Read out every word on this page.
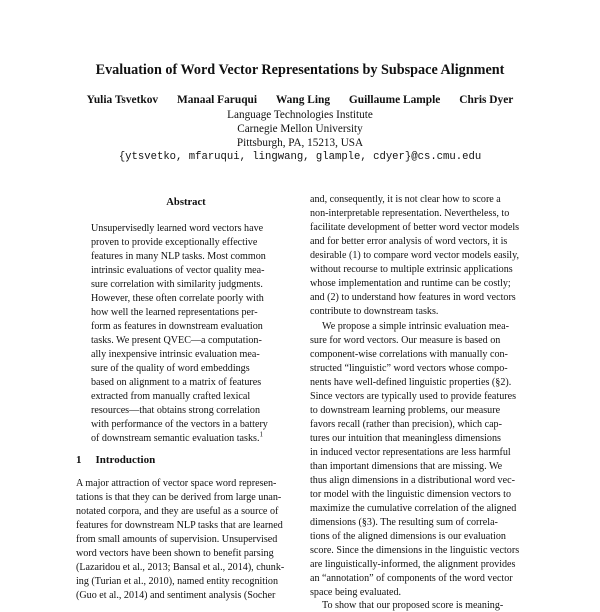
Evaluation of Word Vector Representations by Subspace Alignment
Yulia Tsvetkov Manaal Faruqui Wang Ling Guillaume Lample Chris Dyer
Language Technologies Institute
Carnegie Mellon University
Pittsburgh, PA, 15213, USA
{ytsvetko, mfaruqui, lingwang, glample, cdyer}@cs.cmu.edu
Abstract
Unsupervisedly learned word vectors have
proven to provide exceptionally effective
features in many NLP tasks. Most common
intrinsic evaluations of vector quality mea-
sure correlation with similarity judgments.
However, these often correlate poorly with
how well the learned representations per-
form as features in downstream evaluation
tasks. We present QVEC—a computation-
ally inexpensive intrinsic evaluation mea-
sure of the quality of word embeddings
based on alignment to a matrix of features
extracted from manually crafted lexical
resources—that obtains strong correlation
with performance of the vectors in a battery
of downstream semantic evaluation tasks.$^1$
1 Introduction
A major attraction of vector space word represen-
tations is that they can be derived from large unan-
notated corpora, and they are useful as a source of
features for downstream NLP tasks that are learned
from small amounts of supervision. Unsupervised
word vectors have been shown to benefit parsing
(Lazaridou et al., 2013; Bansal et al., 2014), chunk-
ing (Turian et al., 2010), named entity recognition
(Guo et al., 2014) and sentiment analysis (Socher
and, consequently, it is not clear how to score a
non-interpretable representation. Nevertheless, to
facilitate development of better word vector models
and for better error analysis of word vectors, it is
desirable (1) to compare word vector models easily,
without recourse to multiple extrinsic applications
whose implementation and runtime can be costly;
and (2) to understand how features in word vectors
contribute to downstream tasks.
We propose a simple intrinsic evaluation mea-
sure for word vectors. Our measure is based on
component-wise correlations with manually con-
structed “linguistic” word vectors whose compo-
nents have well-defined linguistic properties (§2).
Since vectors are typically used to provide features
to downstream learning problems, our measure
favors recall (rather than precision), which cap-
tures our intuition that meaningless dimensions
in induced vector representations are less harmful
than important dimensions that are missing. We
thus align dimensions in a distributional word vec-
tor model with the linguistic dimension vectors to
maximize the cumulative correlation of the aligned
dimensions (§3). The resulting sum of correla-
tions of the aligned dimensions is our evaluation
score. Since the dimensions in the linguistic vectors
are linguistically-informed, the alignment provides
an “annotation” of components of the word vector
space being evaluated.
To show that our proposed score is meaning-
